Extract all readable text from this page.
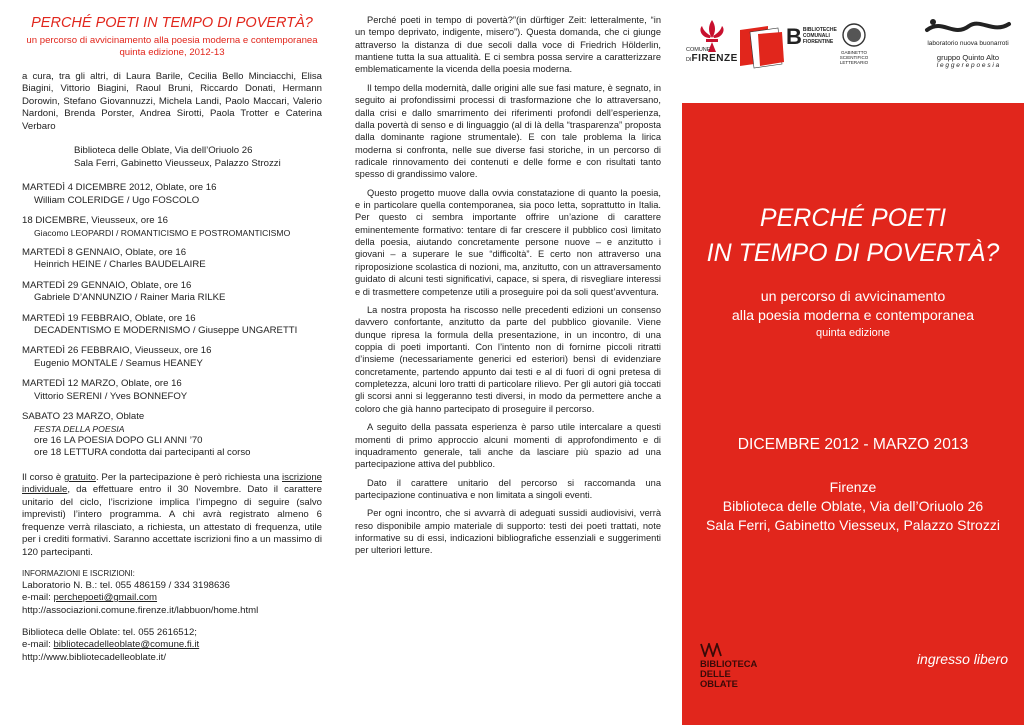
PERCHÉ POETI IN TEMPO DI POVERTÀ?
un percorso di avvicinamento alla poesia moderna e contemporanea
quinta edizione, 2012-13
a cura, tra gli altri, di Laura Barile, Cecilia Bello Minciacchi, Elisa Biagini, Vittorio Biagini, Raoul Bruni, Riccardo Donati, Hermann Dorowin, Stefano Giovannuzzi, Michela Landi, Paolo Maccari, Valerio Nardoni, Brenda Porster, Andrea Sirotti, Paola Trotter e Caterina Verbaro
Biblioteca delle Oblate, Via dell’Oriuolo 26
Sala Ferri, Gabinetto Vieusseux, Palazzo Strozzi
MARTEDÌ 4 DICEMBRE 2012, Oblate, ore 16
William COLERIDGE / Ugo FOSCOLO
18 DICEMBRE, Vieusseux, ore 16
Giacomo LEOPARDI / ROMANTICISMO E POSTROMANTICISMO
MARTEDÌ 8 GENNAIO, Oblate, ore 16
Heinrich HEINE / Charles BAUDELAIRE
MARTEDÌ 29 GENNAIO, Oblate, ore 16
Gabriele D’ANNUNZIO / Rainer Maria RILKE
MARTEDÌ 19 FEBBRAIO, Oblate, ore 16
DECADENTISMO E MODERNISMO / Giuseppe UNGARETTI
MARTEDÌ 26 FEBBRAIO, Vieusseux, ore 16
Eugenio MONTALE / Seamus HEANEY
MARTEDÌ 12 MARZO, Oblate, ore 16
Vittorio SERENI / Yves BONNEFOY
SABATO 23 MARZO, Oblate
FESTA DELLA POESIA
ore 16 LA POESIA DOPO GLI ANNI ’70
ore 18 LETTURA condotta dai partecipanti al corso
Il corso è gratuito. Per la partecipazione è però richiesta una iscrizione individuale, da effettuare entro il 30 Novembre. Dato il carattere unitario del ciclo, l’iscrizione implica l’impegno di seguire (salvo imprevisti) l’intero programma. A chi avrà registrato almeno 6 frequenze verrà rilasciato, a richiesta, un attestato di frequenza, utile per i crediti formativi. Saranno accettate iscrizioni fino a un massimo di 120 partecipanti.
INFORMAZIONI E ISCRIZIONI:
Laboratorio N. B.: tel. 055 486159 / 334 3198636
e-mail: perchepoeti@gmail.com
http://associazioni.comune.firenze.it/labbuon/home.html
Biblioteca delle Oblate: tel. 055 2616512;
e-mail: bibliotecadelleoblate@comune.fi.it
http://www.bibliotecadelleoblate.it/

Perché poeti in tempo di povertà?”(in dürftiger Zeit: letteralmente, “in un tempo deprivato, indigente, misero”). Questa domanda, che ci giunge attraverso la distanza di due secoli dalla voce di Friedrich Hölderlin, mantiene tutta la sua attualità. E ci sembra possa servire a caratterizzare emblematicamente la vicenda della poesia moderna.

Il tempo della modernità, dalle origini alle sue fasi mature, è segnato, in seguito ai profondissimi processi di trasformazione che lo attraversano, dalla crisi e dallo smarrimento dei riferimenti profondi dell’esperienza, dalla povertà di senso e di linguaggio (al di là della “trasparenza” proposta dalla dominante ragione strumentale). E con tale problema la lirica moderna si confronta, nelle sue diverse fasi storiche, in un percorso di radicale rinnovamento dei contenuti e delle forme e con risultati tanto spesso di grandissimo valore.

Questo progetto muove dalla ovvia constatazione di quanto la poesia, e in particolare quella contemporanea, sia poco letta, soprattutto in Italia. Per questo ci sembra importante offrire un’azione di carattere eminentemente formativo: tentare di far crescere il pubblico così limitato della poesia, aiutando concretamente persone nuove – e anzitutto i giovani – a superare le sue “difficoltà”. E certo non attraverso una riproposizione scolastica di nozioni, ma, anzitutto, con un attraversamento guidato di alcuni testi significativi, capace, si spera, di risvegliare interessi e di trasmettere competenze utili a proseguire poi da soli quest’avventura.

La nostra proposta ha riscosso nelle precedenti edizioni un consenso davvero confortante, anzitutto da parte del pubblico giovanile. Viene dunque ripresa la formula della presentazione, in un incontro, di una coppia di poeti importanti. Con l’intento non di fornirne piccoli ritratti d’insieme (necessariamente generici ed esteriori) bensì di evidenziare concretamente, partendo appunto dai testi e al di fuori di ogni pretesa di completezza, alcuni loro tratti di particolare rilievo. Per gli autori già toccati gli scorsi anni si leggeranno testi diversi, in modo da permettere anche a coloro che già hanno partecipato di proseguire il percorso.

A seguito della passata esperienza è parso utile intercalare a questi momenti di primo approccio alcuni momenti di approfondimento e di inquadramento generale, tali anche da lasciare più spazio ad una partecipazione attiva del pubblico.

Dato il carattere unitario del percorso si raccomanda una partecipazione continuativa e non limitata a singoli eventi.

Per ogni incontro, che si avvarrà di adeguati sussidi audiovisivi, verrà reso disponibile ampio materiale di supporto: testi dei poeti trattati, note informative su di essi, indicazioni bibliografiche essenziali e suggerimenti per ulteriori letture.

COMUNE
DIFIRENZE
B BIBLIOTECHE COMUNALI FIORENTINE
GABINETTO
SCIENTIFICO
LETTERARIO
laboratorio nuova buonarroti
gruppo Quinto Alto
l e g g e r e p o e s i a
PERCHÉ POETI
IN TEMPO DI POVERTÀ?
un percorso di avvicinamento
alla poesia moderna e contemporanea
quinta edizione
DICEMBRE 2012 - MARZO 2013
Firenze
Biblioteca delle Oblate, Via dell’Oriuolo 26
Sala Ferri, Gabinetto Viesseux, Palazzo Strozzi
BIBLIOTECA
DELLE
OBLATE
ingresso libero
